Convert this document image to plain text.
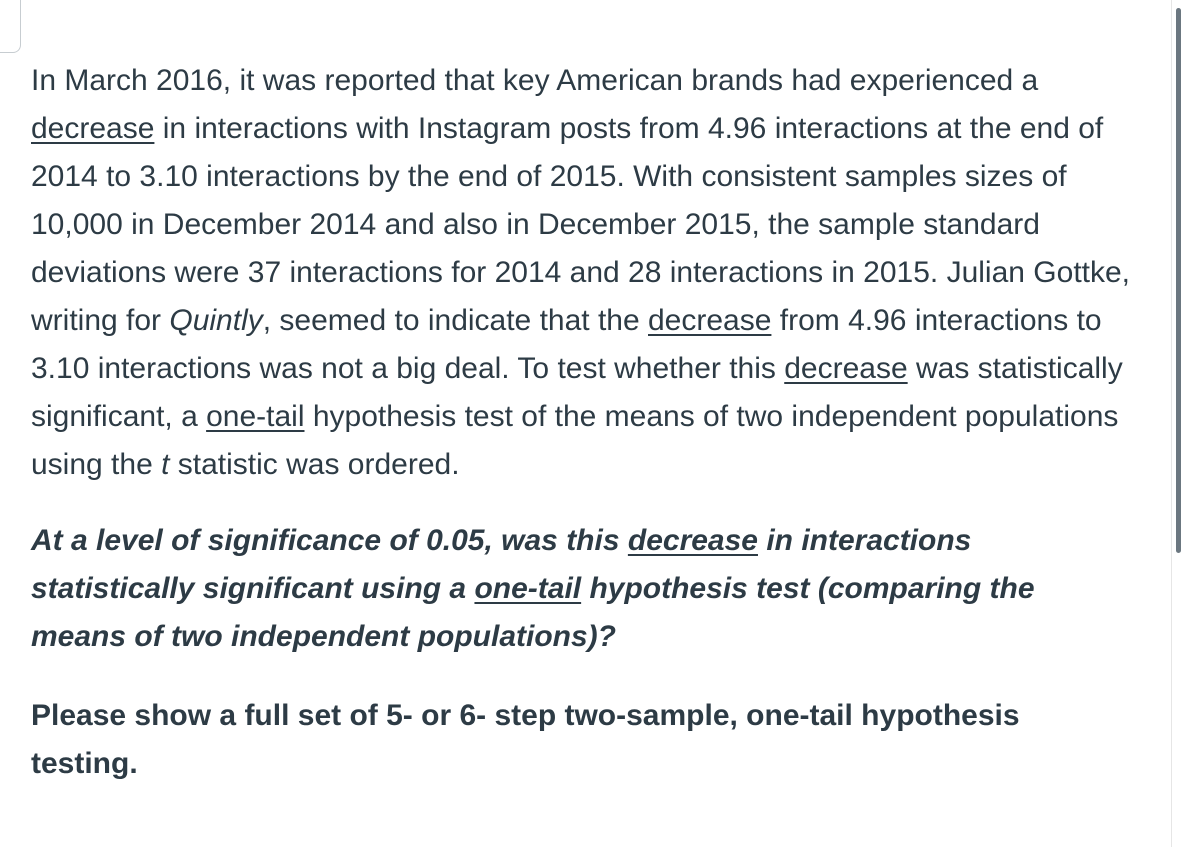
In March 2016, it was reported that key American brands had experienced a decrease in interactions with Instagram posts from 4.96 interactions at the end of 2014 to 3.10 interactions by the end of 2015. With consistent samples sizes of 10,000 in December 2014 and also in December 2015, the sample standard deviations were 37 interactions for 2014 and 28 interactions in 2015. Julian Gottke, writing for Quintly, seemed to indicate that the decrease from 4.96 interactions to 3.10 interactions was not a big deal. To test whether this decrease was statistically significant, a one-tail hypothesis test of the means of two independent populations using the t statistic was ordered.

At a level of significance of 0.05, was this decrease in interactions statistically significant using a one-tail hypothesis test (comparing the means of two independent populations)?

Please show a full set of 5- or 6- step two-sample, one-tail hypothesis testing.
